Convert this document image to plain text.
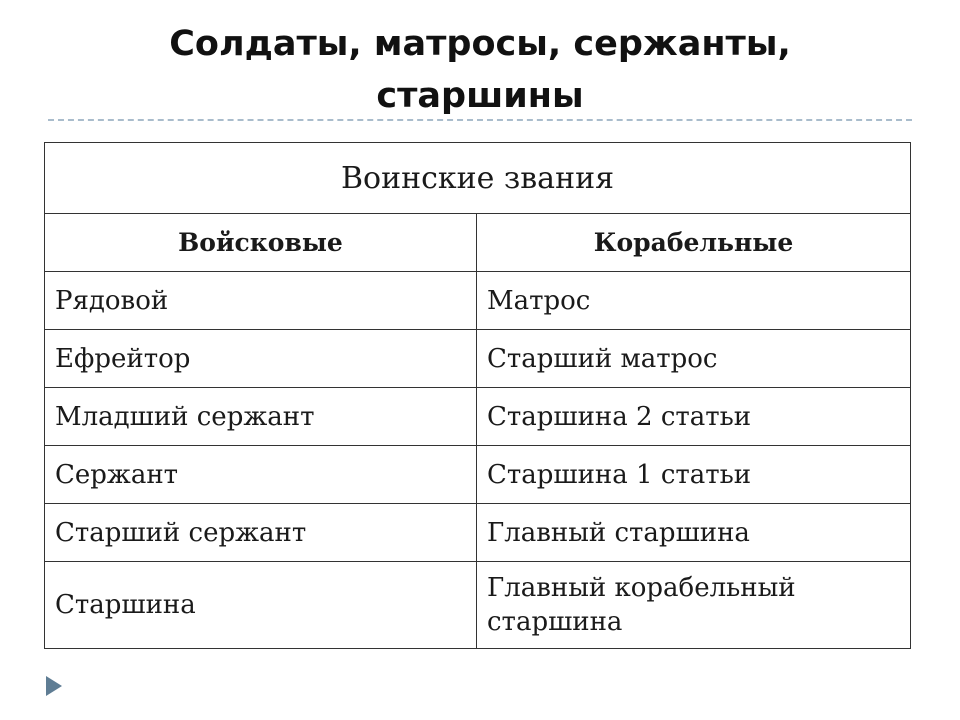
Солдаты, матросы, сержанты,
старшины
Воинские звания	
Войсковые	Корабельные
Рядовой	Матрос
Ефрейтор	Старший матрос
Младший сержант	Старшина 2 статьи
Сержант	Старшина 1 статьи
Старший сержант	Главный старшина
Старшина	Главный корабельный старшина
